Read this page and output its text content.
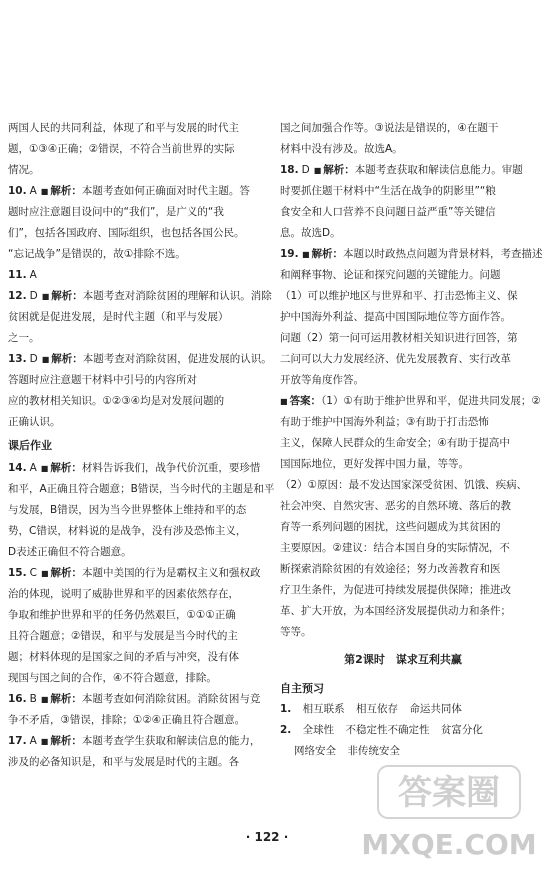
两国人民的共同利益，体现了和平与发展的时代主
题，①③④正确；②错误，不符合当前世界的实际
情况。

10. A ■ 解析：本题考查如何正确面对时代主题。答
题时应注意题目设问中的“我们”，是广义的“我
们”，包括各国政府、国际组织，也包括各国公民。
“忘记战争”是错误的，故①排除不选。

11. A

12. D ■ 解析：本题考查对消除贫困的理解和认识。消除
贫困就是促进发展，是时代主题（和平与发展）
之一。

13. D ■ 解析：本题考查对消除贫困，促进发展的认识。
答题时应注意题干材料中引号的内容所对
应的教材相关知识。①②③④均是对发展问题的
正确认识。

课后作业

14. A ■ 解析：材料告诉我们，战争代价沉重，要珍惜
和平，A正确且符合题意；B错误，当今时代的主题是和平
与发展，B错误，因为当今世界整体上维持和平的态
势，C错误，材料说的是战争，没有涉及恐怖主义，
D表述正确但不符合题意。

15. C ■ 解析：本题中美国的行为是霸权主义和强权政
治的体现，说明了威胁世界和平的因素依然存在，
争取和维护世界和平的任务仍然艰巨，①①①正确
且符合题意；②错误，和平与发展是当今时代的主
题；材料体现的是国家之间的矛盾与冲突，没有体
现国与国之间的合作，④不符合题意，排除。

16. B ■ 解析：本题考查如何消除贫困。消除贫困与竞
争不矛盾，③错误，排除；①②④正确且符合题意。

17. A ■ 解析：本题考查学生获取和解读信息的能力，
涉及的必备知识是，和平与发展是时代的主题。各

国之间加强合作等。③说法是错误的，④在题干
材料中没有涉及。故选A。

18. D ■ 解析：本题考查获取和解读信息能力。审题
时要抓住题干材料中“生活在战争的阴影里”“粮
食安全和人口营养不良问题日益严重”等关键信
息。故选D。

19. ■ 解析：本题以时政热点问题为背景材料，考查描述
和阐释事物、论证和探究问题的关键能力。问题
（1）可以维护地区与世界和平、打击恐怖主义、保
护中国海外利益、提高中国国际地位等方面作答。
问题（2）第一问可运用教材相关知识进行回答，第
二问可以大力发展经济、优先发展教育、实行改革
开放等角度作答。
■ 答案：（1）①有助于维护世界和平，促进共同发展；②
有助于维护中国海外利益；③有助于打击恐怖
主义，保障人民群众的生命安全；④有助于提高中
国国际地位，更好发挥中国力量，等等。
（2）①原因：最不发达国家深受贫困、饥饿、疾病、
社会冲突、自然灾害、恶劣的自然环境、落后的教
育等一系列问题的困扰，这些问题成为其贫困的
主要原因。②建议：结合本国自身的实际情况，不
断探索消除贫困的有效途径；努力改善教育和医
疗卫生条件，为促进可持续发展提供保障；推进改
革、扩大开放，为本国经济发展提供动力和条件；
等等。

第2课时　谋求互利共赢
自主预习
1. 相互联系 相互依存 命运共同体
2. 全球性 不稳定性不确定性 贫富分化
网络安全 非传统安全
· 122 ·
答案圈
MXQE.COM
